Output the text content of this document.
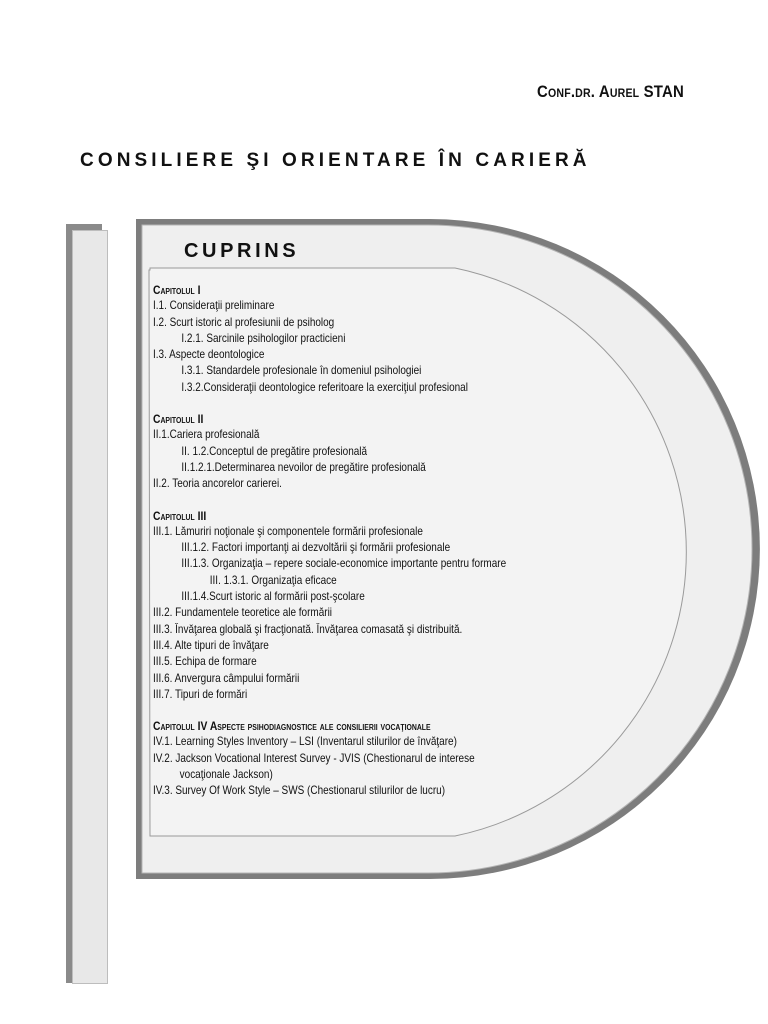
Conf.dr. Aurel STAN
CONSILIERE ŞI ORIENTARE ÎN CARIERĂ
CUPRINS
Capitolul I
I.1. Consideraţii preliminare
I.2. Scurt istoric al profesiunii de psiholog
I.2.1. Sarcinile psihologilor practicieni
I.3. Aspecte deontologice
I.3.1. Standardele profesionale în domeniul psihologiei
I.3.2.Consideraţii deontologice referitoare la exerciţiul profesional
Capitolul II
II.1.Cariera profesională
II. 1.2.Conceptul de pregătire profesională
II.1.2.1.Determinarea nevoilor de pregătire profesională
II.2. Teoria ancorelor carierei.
Capitolul III
III.1. Lămuriri noţionale şi componentele formării profesionale
III.1.2. Factori importanţi ai dezvoltării şi formării profesionale
III.1.3. Organizaţia – repere sociale-economice importante pentru formare
III. 1.3.1. Organizaţia eficace
III.1.4.Scurt istoric al formării post-şcolare
III.2. Fundamentele teoretice ale formării
III.3. Învăţarea globală şi fracţionată. Învăţarea comasată şi distribuită.
III.4. Alte tipuri de învăţare
III.5. Echipa de formare
III.6. Anvergura câmpului formării
III.7. Tipuri de formări
Capitolul IV Aspecte psihodiagnostice ale consilierii vocaţionale
IV.1. Learning Styles Inventory – LSI (Inventarul stilurilor de învăţare)
IV.2. Jackson Vocational Interest Survey - JVIS (Chestionarul de interese
vocaţionale Jackson)
IV.3. Survey Of Work Style – SWS (Chestionarul stilurilor de lucru)
